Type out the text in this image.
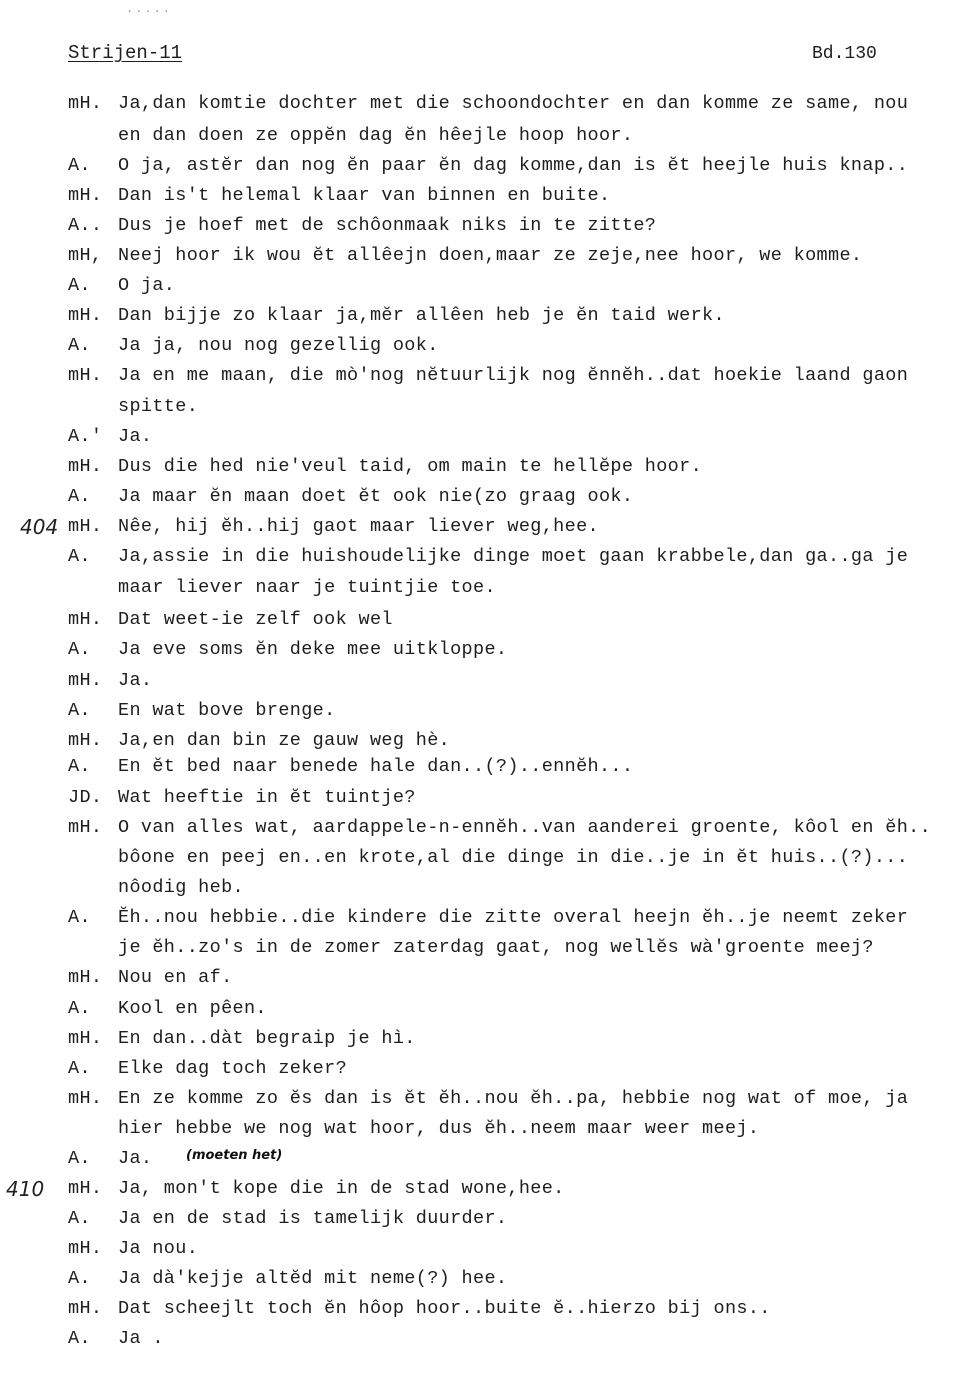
.....
Strijen-11	Bd.130
404
410
(moeten het)
mH. Ja,dan komtie dochter met die schoondochter en dan komme ze same, nou
en dan doen ze oppĕn dag ĕn hêejle hoop hoor.
A. O ja, astĕr dan nog ĕn paar ĕn dag komme,dan is ĕt heejle huis knap..
mH. Dan is't helemal klaar van binnen en buite.
A.. Dus je hoef met de schôonmaak niks in te zitte?
mH, Neej hoor ik wou ĕt allêejn doen,maar ze zeje,nee hoor, we komme.
A. O ja.
mH. Dan bijje zo klaar ja,mĕr allêen heb je ĕn taid werk.
A. Ja ja, nou nog gezellig ook.
mH. Ja en me maan, die mò'nog nĕtuurlijk nog ĕnnĕh..dat hoekie laand gaon
spitte.
A.' Ja.
mH. Dus die hed nie'veul taid, om main te hellĕpe hoor.
A. Ja maar ĕn maan doet ĕt ook nie(zo graag ook.
mH. Nêe, hij ĕh..hij gaot maar liever weg,hee.
A. Ja,assie in die huishoudelijke dinge moet gaan krabbele,dan ga..ga je
maar liever naar je tuintjie toe.
mH. Dat weet-ie zelf ook wel
A. Ja eve soms ĕn deke mee uitkloppe.
mH. Ja.
A. En wat bove brenge.
mH. Ja,en dan bin ze gauw weg hè.
A. En ĕt bed naar benede hale dan..(?)..ennĕh...
JD. Wat heeftie in ĕt tuintje?
mH. O van alles wat, aardappele-n-ennĕh..van aanderei groente, kôol en ĕh..
bôone en peej en..en krote,al die dinge in die..je in ĕt huis..(?)...
nôodig heb.
A. Ĕh..nou hebbie..die kindere die zitte overal heejn ĕh..je neemt zeker
je ĕh..zo's in de zomer zaterdag gaat, nog wellĕs wà'groente meej?
mH. Nou en af.
A. Kool en pêen.
mH. En dan..dàt begraip je hì.
A. Elke dag toch zeker?
mH. En ze komme zo ĕs dan is ĕt ĕh..nou ĕh..pa, hebbie nog wat of moe, ja
hier hebbe we nog wat hoor, dus ĕh..neem maar weer meej.
A. Ja.
mH. Ja, mon't kope die in de stad wone,hee.
A. Ja en de stad is tamelijk duurder.
mH. Ja nou.
A. Ja dà'kejje altĕd mit neme(?) hee.
mH. Dat scheejlt toch ĕn hôop hoor..buite ĕ..hierzo bij ons..
A. Ja .
